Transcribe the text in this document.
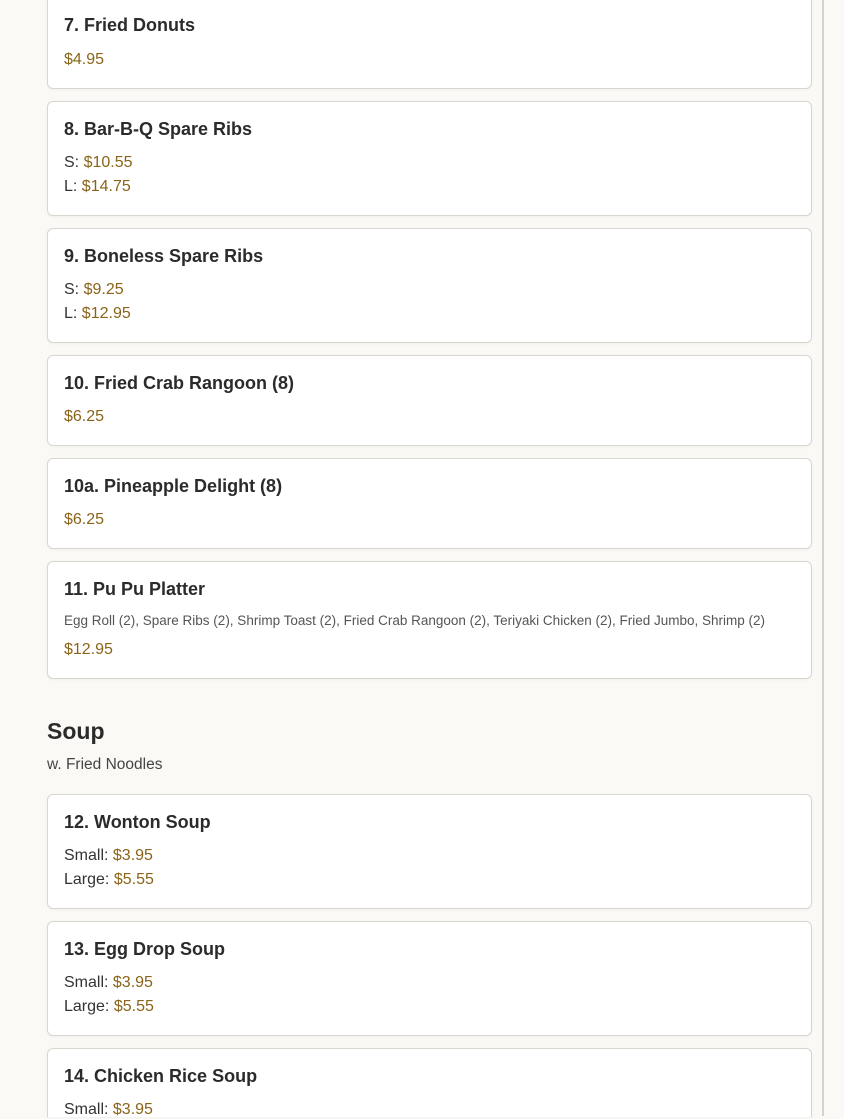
7. Fried Donuts
$4.95
8. Bar-B-Q Spare Ribs
S: $10.55
L: $14.75
9. Boneless Spare Ribs
S: $9.25
L: $12.95
10. Fried Crab Rangoon (8)
$6.25
10a. Pineapple Delight (8)
$6.25
11. Pu Pu Platter
Egg Roll (2), Spare Ribs (2), Shrimp Toast (2), Fried Crab Rangoon (2), Teriyaki Chicken (2), Fried Jumbo, Shrimp (2)
$12.95
Soup
w. Fried Noodles
12. Wonton Soup
Small: $3.95
Large: $5.55
13. Egg Drop Soup
Small: $3.95
Large: $5.55
14. Chicken Rice Soup
Small: $3.95
